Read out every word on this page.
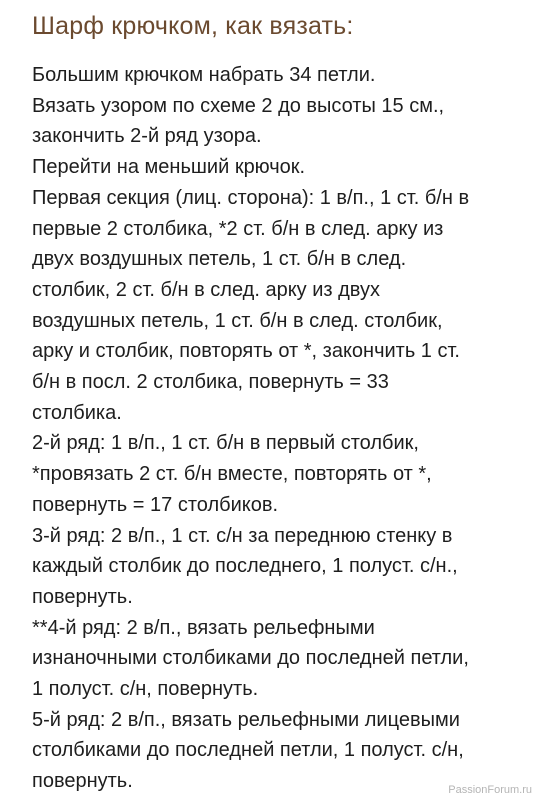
Шарф крючком, как вязать:
Большим крючком набрать 34 петли.
Вязать узором по схеме 2 до высоты 15 см.,
закончить 2-й ряд узора.
Перейти на меньший крючок.
Первая секция (лиц. сторона): 1 в/п., 1 ст. б/н в
первые 2 столбика, *2 ст. б/н в след. арку из
двух воздушных петель, 1 ст. б/н в след.
столбик, 2 ст. б/н в след. арку из двух
воздушных петель, 1 ст. б/н в след. столбик,
арку и столбик, повторять от *, закончить 1 ст.
б/н в посл. 2 столбика, повернуть = 33
столбика.
2-й ряд: 1 в/п., 1 ст. б/н в первый столбик,
*провязать 2 ст. б/н вместе, повторять от *,
повернуть = 17 столбиков.
3-й ряд: 2 в/п., 1 ст. с/н за переднюю стенку в
каждый столбик до последнего, 1 полуст. с/н.,
повернуть.
**4-й ряд: 2 в/п., вязать рельефными
изнаночными столбиками до последней петли,
1 полуст. с/н, повернуть.
5-й ряд: 2 в/п., вязать рельефными лицевыми
столбиками до последней петли, 1 полуст. с/н,
повернуть.	PassionForum.ru
